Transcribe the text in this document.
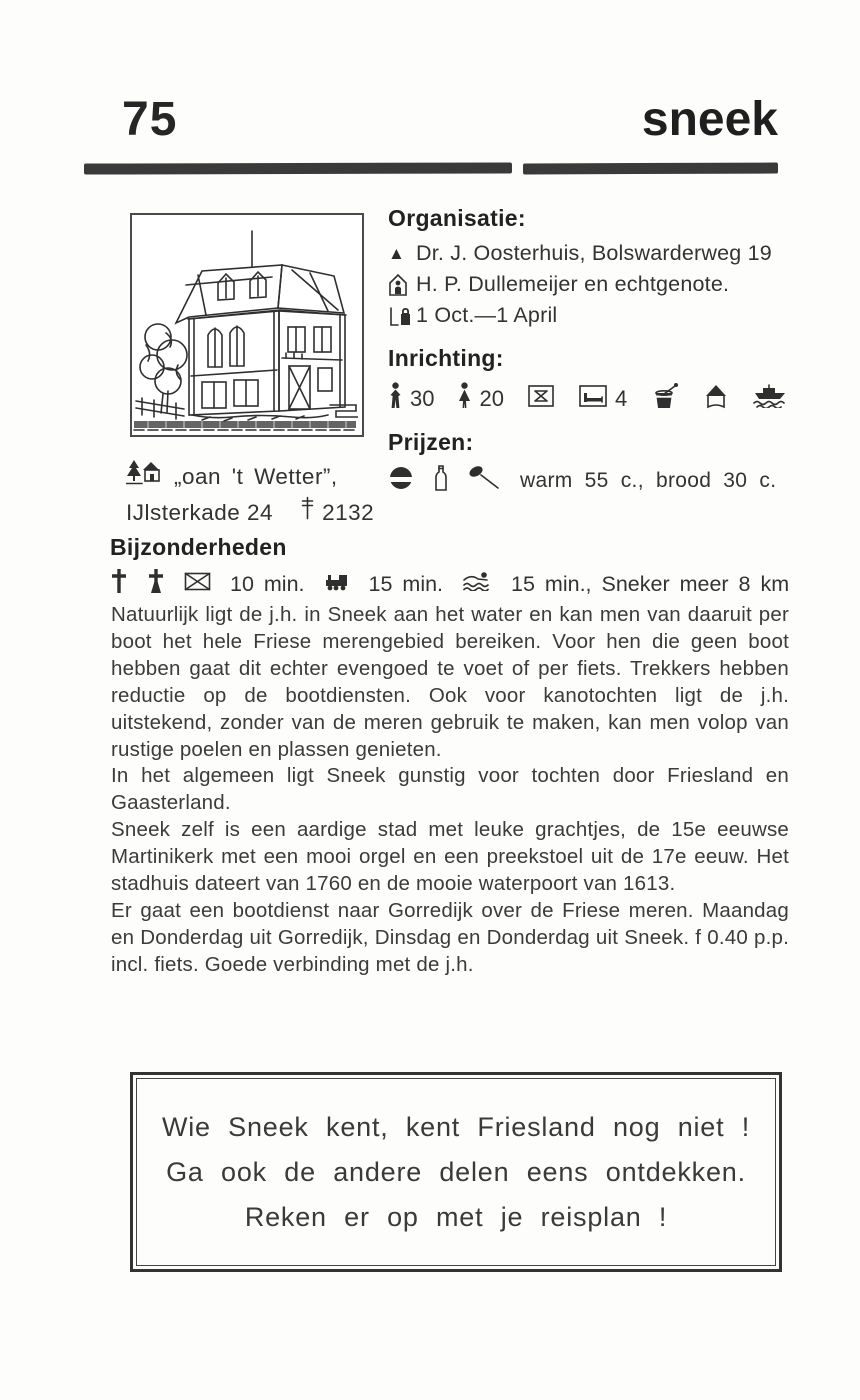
75	sneek
Organisatie:
▲ Dr. J. Oosterhuis, Bolswarderweg 19
H. P. Dullemeijer en echtgenote.
1 Oct.—1 April
Inrichting:
30 20	4
Prijzen:
warm 55 c., brood 30 c.
„oan 't Wetter”,
IJlsterkade 24 2132
Bijzonderheden
10 min.	15 min.	15 min., Sneker meer 8 km

Natuurlijk ligt de j.h. in Sneek aan het water en kan men van daaruit per boot het hele Friese merengebied bereiken. Voor hen die geen boot hebben gaat dit echter evengoed te voet of per fiets. Trekkers hebben reductie op de bootdiensten. Ook voor kanotochten ligt de j.h. uitstekend, zonder van de meren gebruik te maken, kan men volop van rustige poelen en plassen genieten.

In het algemeen ligt Sneek gunstig voor tochten door Friesland en Gaasterland.

Sneek zelf is een aardige stad met leuke grachtjes, de 15e eeuwse Martinikerk met een mooi orgel en een preekstoel uit de 17e eeuw. Het stadhuis dateert van 1760 en de mooie waterpoort van 1613.

Er gaat een bootdienst naar Gorredijk over de Friese meren. Maandag en Donderdag uit Gorredijk, Dinsdag en Donderdag uit Sneek. f 0.40 p.p. incl. fiets. Goede verbinding met de j.h.

Wie Sneek kent, kent Friesland nog niet !
Ga ook de andere delen eens ontdekken.
Reken er op met je reisplan !
